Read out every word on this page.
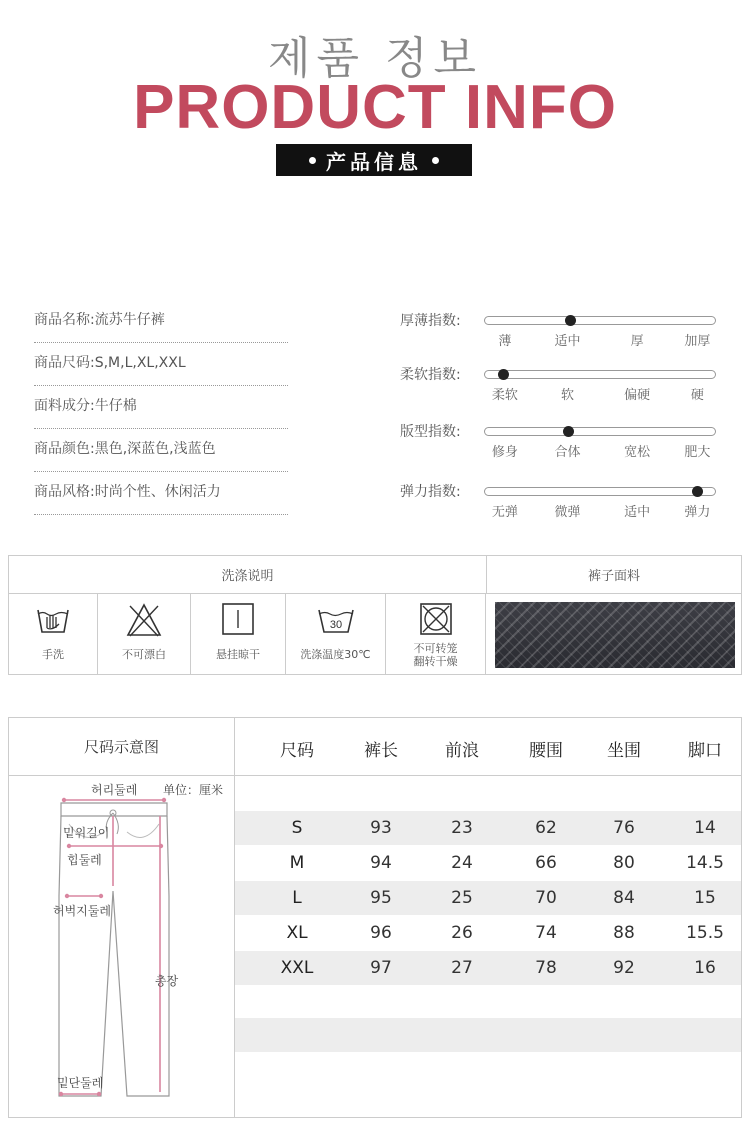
제품 정보
PRODUCT INFO
产品信息
商品名称:流苏牛仔裤
商品尺码:S,M,L,XL,XXL
面料成分:牛仔棉
商品颜色:黑色,深蓝色,浅蓝色
商品风格:时尚个性、休闲活力
厚薄指数:
薄	适中	厚	加厚
柔软指数:
柔软	软	偏硬	硬
版型指数:
修身	合体	宽松	肥大
弹力指数:
无弹	微弹	适中	弹力
洗涤说明	裤子面料
手洗	不可漂白	悬挂晾干
30
洗涤温度30℃	不可转笼
翻转干燥
尺码示意图
허리둘레 单位：厘米
밑위길이
힙둘레
허벅지둘레
총장
밑단둘레
尺码	裤长	前浪	腰围	坐围	脚口
S	93	23	62	76	14
M	94	24	66	80	14.5
L	95	25	70	84	15
XL	96	26	74	88	15.5
XXL	97	27	78	92	16
